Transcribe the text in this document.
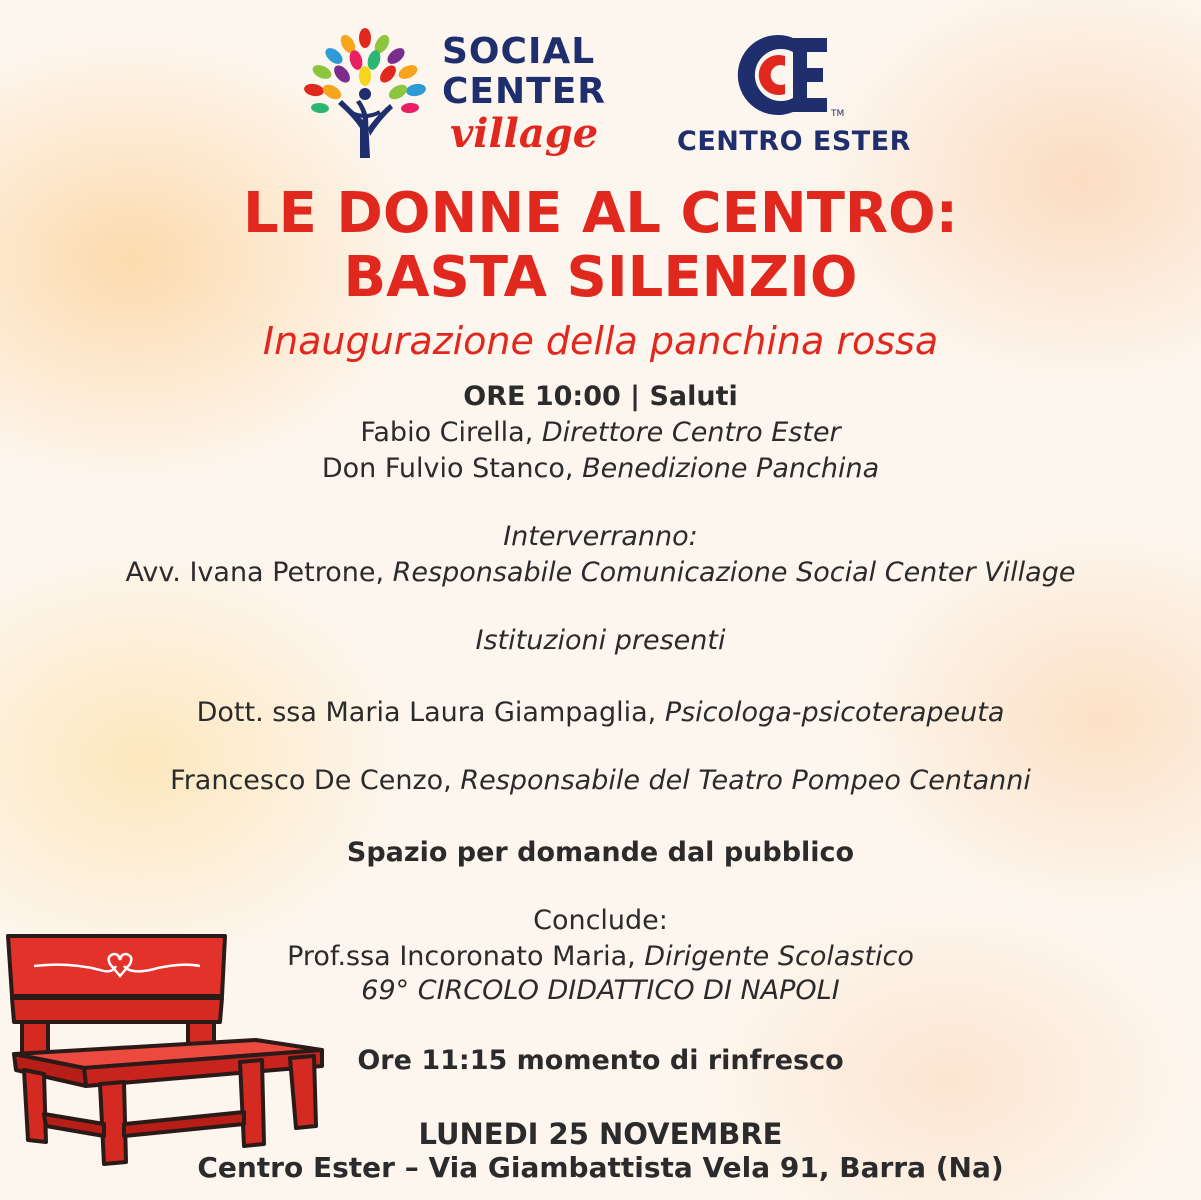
SOCIAL
CENTER
village	TM
CENTRO ESTER
LE DONNE AL CENTRO:
BASTA SILENZIO
Inaugurazione della panchina rossa
ORE 10:00 | Saluti
Fabio Cirella, Direttore Centro Ester
Don Fulvio Stanco, Benedizione Panchina
Interverranno:
Avv. Ivana Petrone, Responsabile Comunicazione Social Center Village
Istituzioni presenti
Dott. ssa Maria Laura Giampaglia, Psicologa-psicoterapeuta
Francesco De Cenzo, Responsabile del Teatro Pompeo Centanni
Spazio per domande dal pubblico
Conclude:
Prof.ssa Incoronato Maria, Dirigente Scolastico
69° CIRCOLO DIDATTICO DI NAPOLI
Ore 11:15 momento di rinfresco
LUNEDI 25 NOVEMBRE
Centro Ester – Via Giambattista Vela 91, Barra (Na)
